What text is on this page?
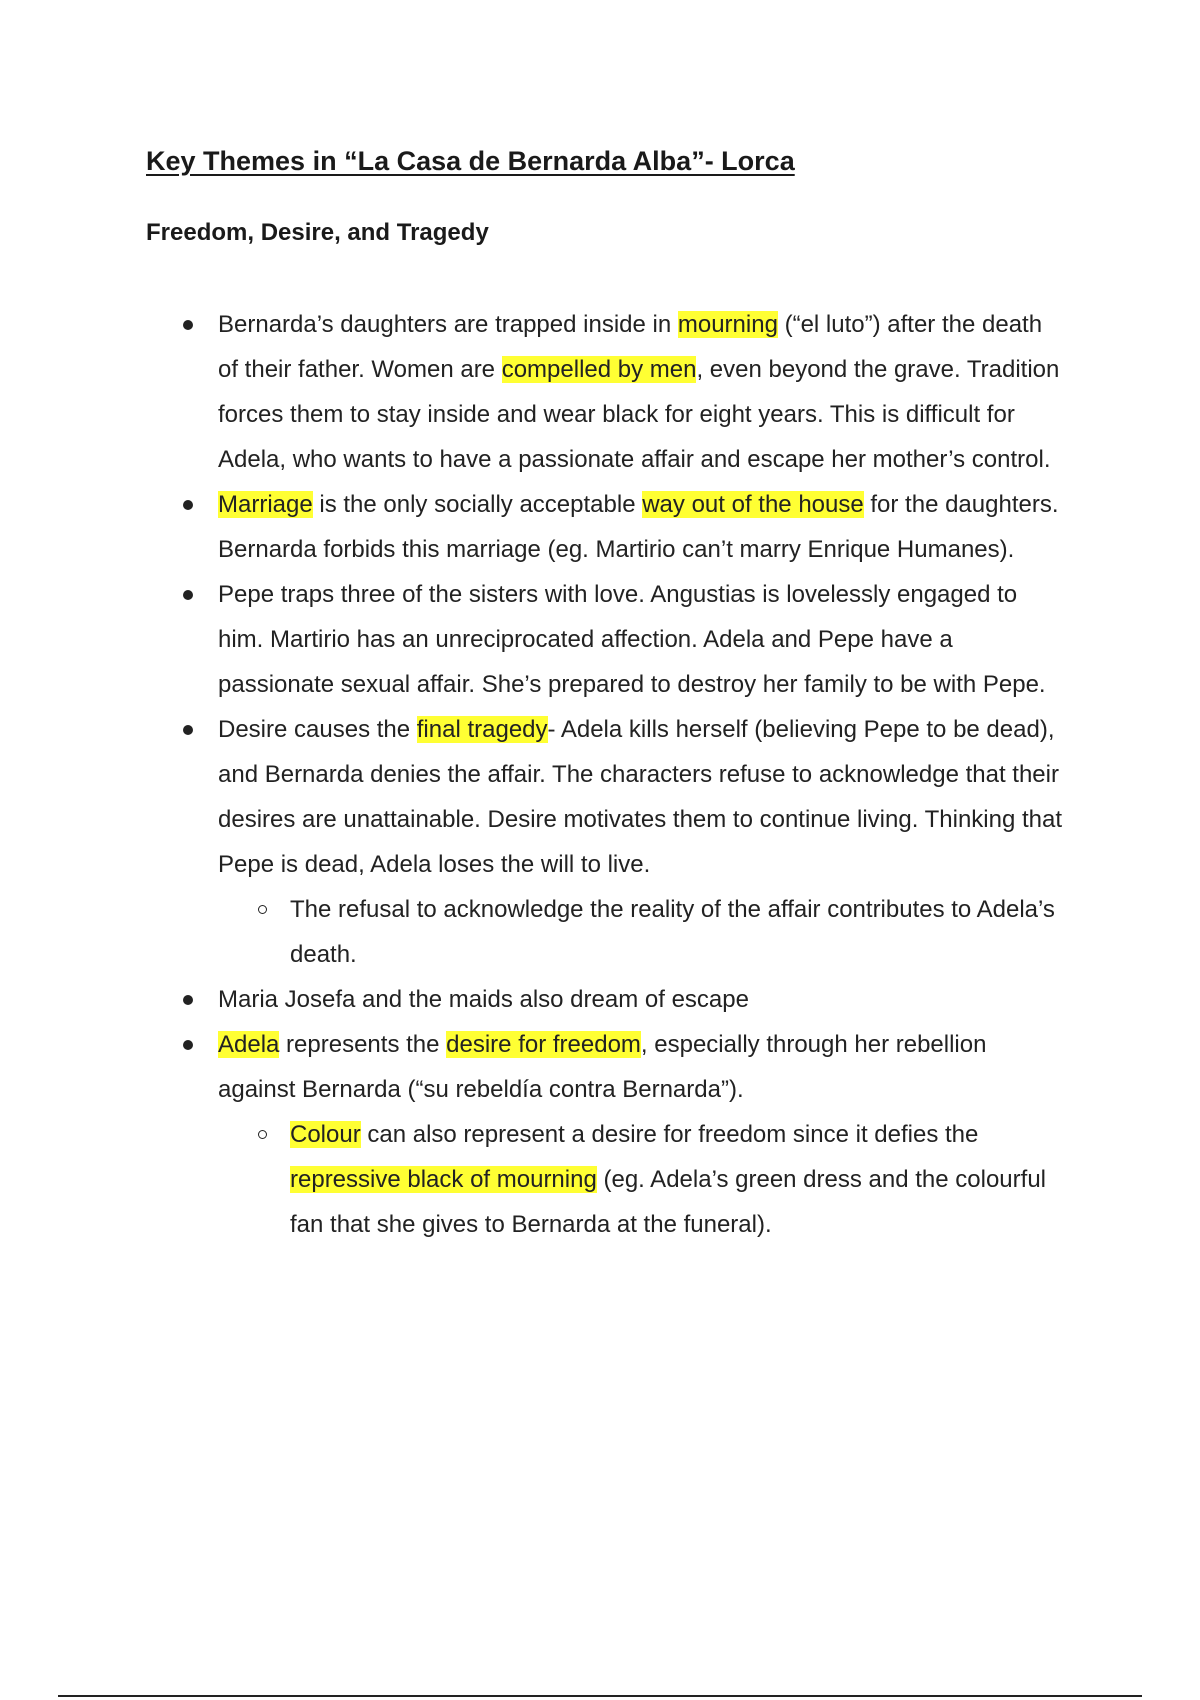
Key Themes in “La Casa de Bernarda Alba”- Lorca
Freedom, Desire, and Tragedy
Bernarda’s daughters are trapped inside in mourning (“el luto”) after the death of their father. Women are compelled by men, even beyond the grave. Tradition forces them to stay inside and wear black for eight years. This is difficult for Adela, who wants to have a passionate affair and escape her mother’s control.
Marriage is the only socially acceptable way out of the house for the daughters. Bernarda forbids this marriage (eg. Martirio can’t marry Enrique Humanes).
Pepe traps three of the sisters with love. Angustias is lovelessly engaged to him. Martirio has an unreciprocated affection. Adela and Pepe have a passionate sexual affair. She’s prepared to destroy her family to be with Pepe.
Desire causes the final tragedy- Adela kills herself (believing Pepe to be dead), and Bernarda denies the affair. The characters refuse to acknowledge that their desires are unattainable. Desire motivates them to continue living. Thinking that Pepe is dead, Adela loses the will to live.
The refusal to acknowledge the reality of the affair contributes to Adela’s death.
Maria Josefa and the maids also dream of escape
Adela represents the desire for freedom, especially through her rebellion against Bernarda (“su rebeldía contra Bernarda”).
Colour can also represent a desire for freedom since it defies the repressive black of mourning (eg. Adela’s green dress and the colourful fan that she gives to Bernarda at the funeral).
